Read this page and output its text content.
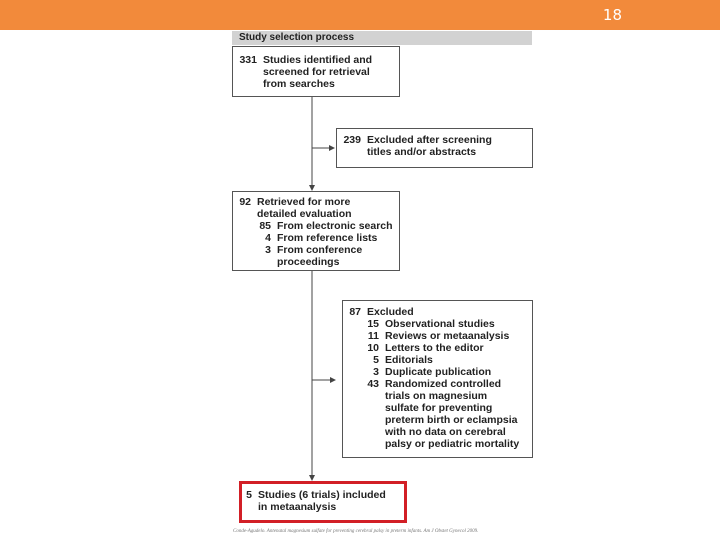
18
Study selection process
331 Studies identified and
screened for retrieval
from searches
239 Excluded after screening
titles and/or abstracts
92 Retrieved for more
detailed evaluation
85 From electronic search
4 From reference lists
3 From conference
proceedings
87 Excluded
15 Observational studies
11 Reviews or metaanalysis
10 Letters to the editor
5 Editorials
3 Duplicate publication
43 Randomized controlled
trials on magnesium
sulfate for preventing
preterm birth or eclampsia
with no data on cerebral
palsy or pediatric mortality
5 Studies (6 trials) included
in metaanalysis
Conde-Agudelo. Antenatal magnesium sulfate for preventing cerebral palsy in preterm infants. Am J Obstet Gynecol 2009.
